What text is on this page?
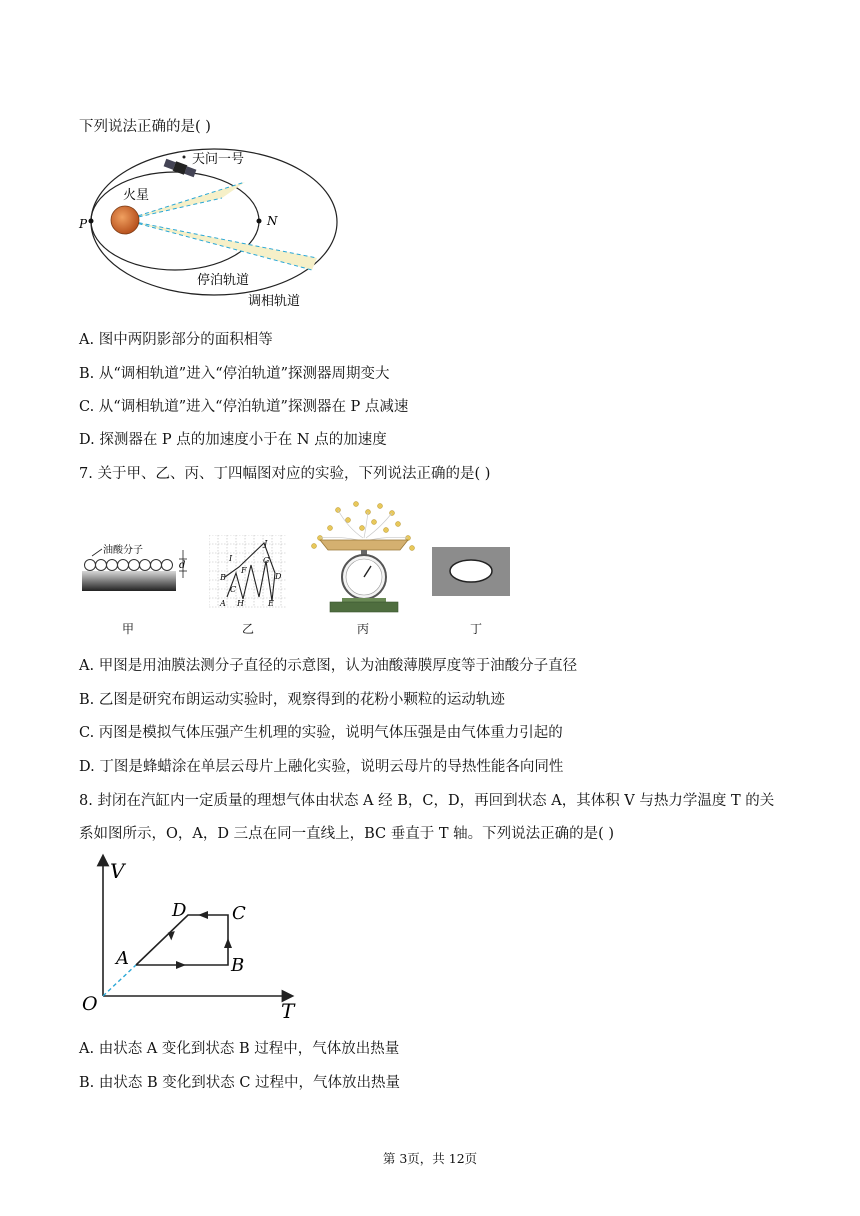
下列说法正确的是( )
P	N
天问一号
火星
停泊轨道
调相轨道
A. 图中两阴影部分的面积相等
B. 从“调相轨道”进入“停泊轨道”探测器周期变大
C. 从“调相轨道”进入“停泊轨道”探测器在 P 点减速
D. 探测器在 P 点的加速度小于在 N 点的加速度
7. 关于甲、乙、丙、丁四幅图对应的实验，下列说法正确的是( )
油酸分子
d
I
J
B
F
G
D
C
A H	E
甲	乙	丙	丁
A. 甲图是用油膜法测分子直径的示意图，认为油酸薄膜厚度等于油酸分子直径
B. 乙图是研究布朗运动实验时，观察得到的花粉小颗粒的运动轨迹
C. 丙图是模拟气体压强产生机理的实验，说明气体压强是由气体重力引起的
D. 丁图是蜂蜡涂在单层云母片上融化实验，说明云母片的导热性能各向同性
8. 封闭在汽缸内一定质量的理想气体由状态 A 经 B，C，D，再回到状态 A，其体积 V 与热力学温度 T 的关
系如图所示，O，A，D 三点在同一直线上，BC 垂直于 T 轴。下列说法正确的是( )
V
T
O
A	B
C
D
A. 由状态 A 变化到状态 B 过程中，气体放出热量
B. 由状态 B 变化到状态 C 过程中，气体放出热量
第 3页，共 12页
